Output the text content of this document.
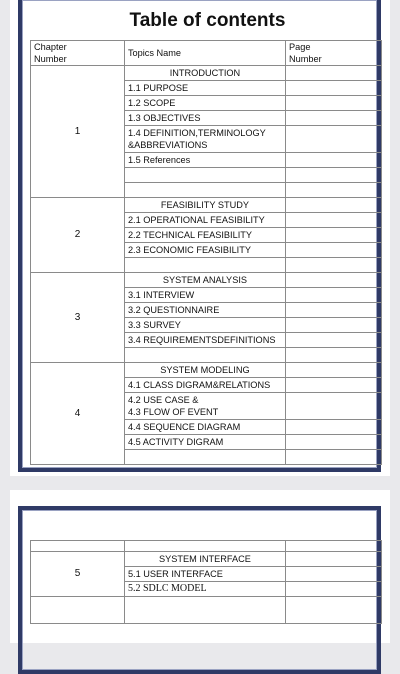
Table of contents
Chapter
Number	Topics Name	Page
Number
1	INTRODUCTION	
	1.1 PURPOSE	
	1.2 SCOPE	
	1.3 OBJECTIVES	
	1.4 DEFINITION,TERMINOLOGY &ABBREVIATIONS	
	1.5 References	

2	FEASIBILITY STUDY	
	2.1 OPERATIONAL FEASIBILITY	
	2.2 TECHNICAL FEASIBILITY	
	2.3 ECONOMIC FEASIBILITY	

3	SYSTEM ANALYSIS	
	3.1 INTERVIEW	
	3.2 QUESTIONNAIRE	
	3.3 SURVEY	
	3.4 REQUIREMENTSDEFINITIONS	

4	SYSTEM MODELING	
	4.1 CLASS DIGRAM&RELATIONS	
	4.2 USE CASE &
4.3 FLOW OF EVENT	
	4.4 SEQUENCE DIAGRAM	
	4.5 ACTIVITY DIGRAM	

5	SYSTEM INTERFACE	
	5.1 USER INTERFACE	
	5.2 SDLC MODEL	
